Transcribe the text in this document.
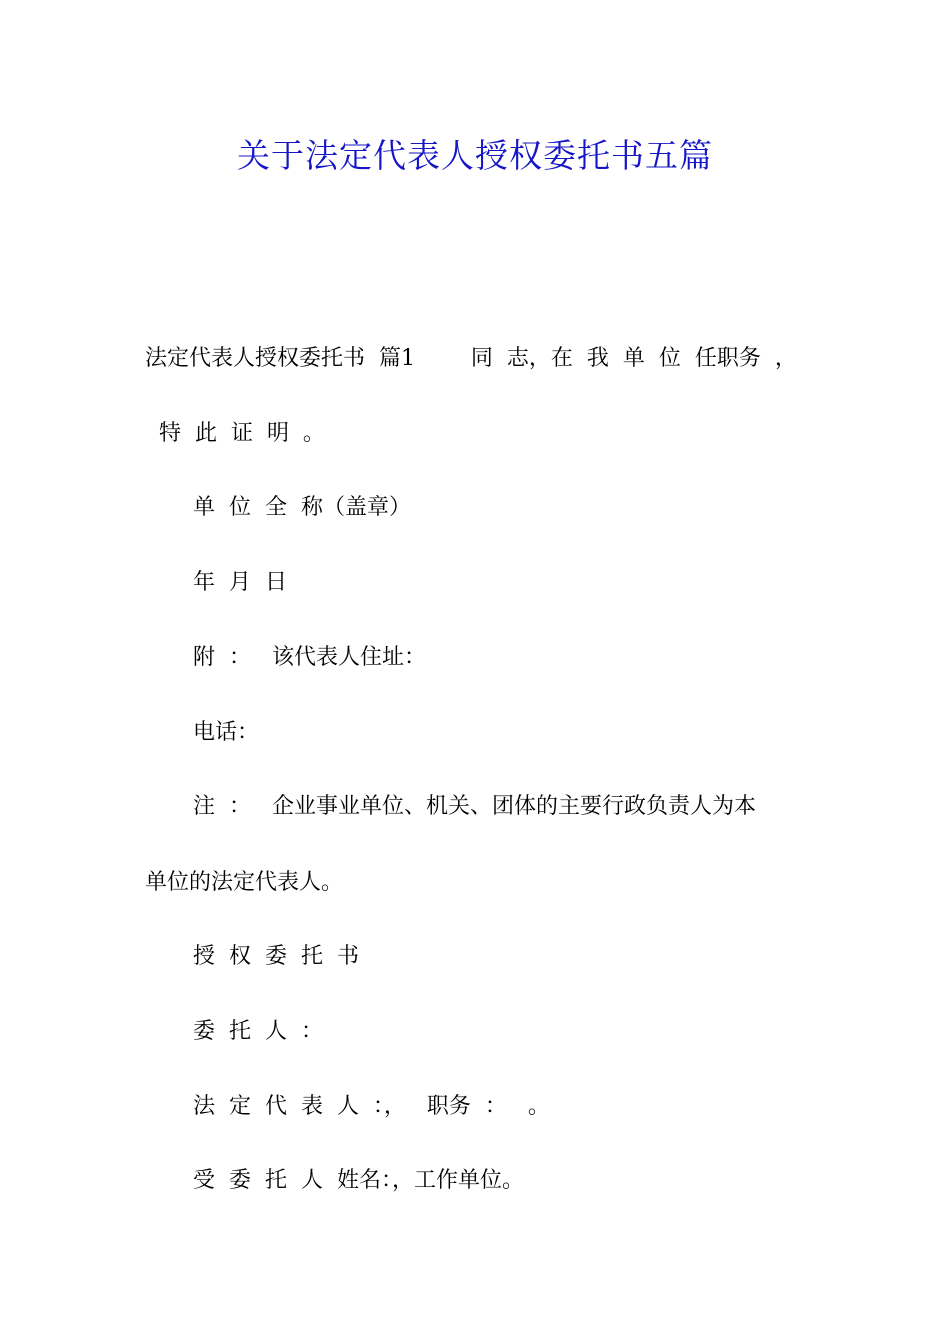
关于法定代表人授权委托书五篇

法定代表人授权委托书  篇1        同  志，在  我  单  位  任职务  ，

特  此  证  明  。

单  位  全  称（盖章）

年  月  日

附  ：   该代表人住址：

电话：

注  ：   企业事业单位、机关、团体的主要行政负责人为本

单位的法定代表人。

授  权  委  托  书

委  托  人  ：

法  定  代  表  人  ：，   职务  ：   。

受  委  托  人  姓名：，工作单位。
